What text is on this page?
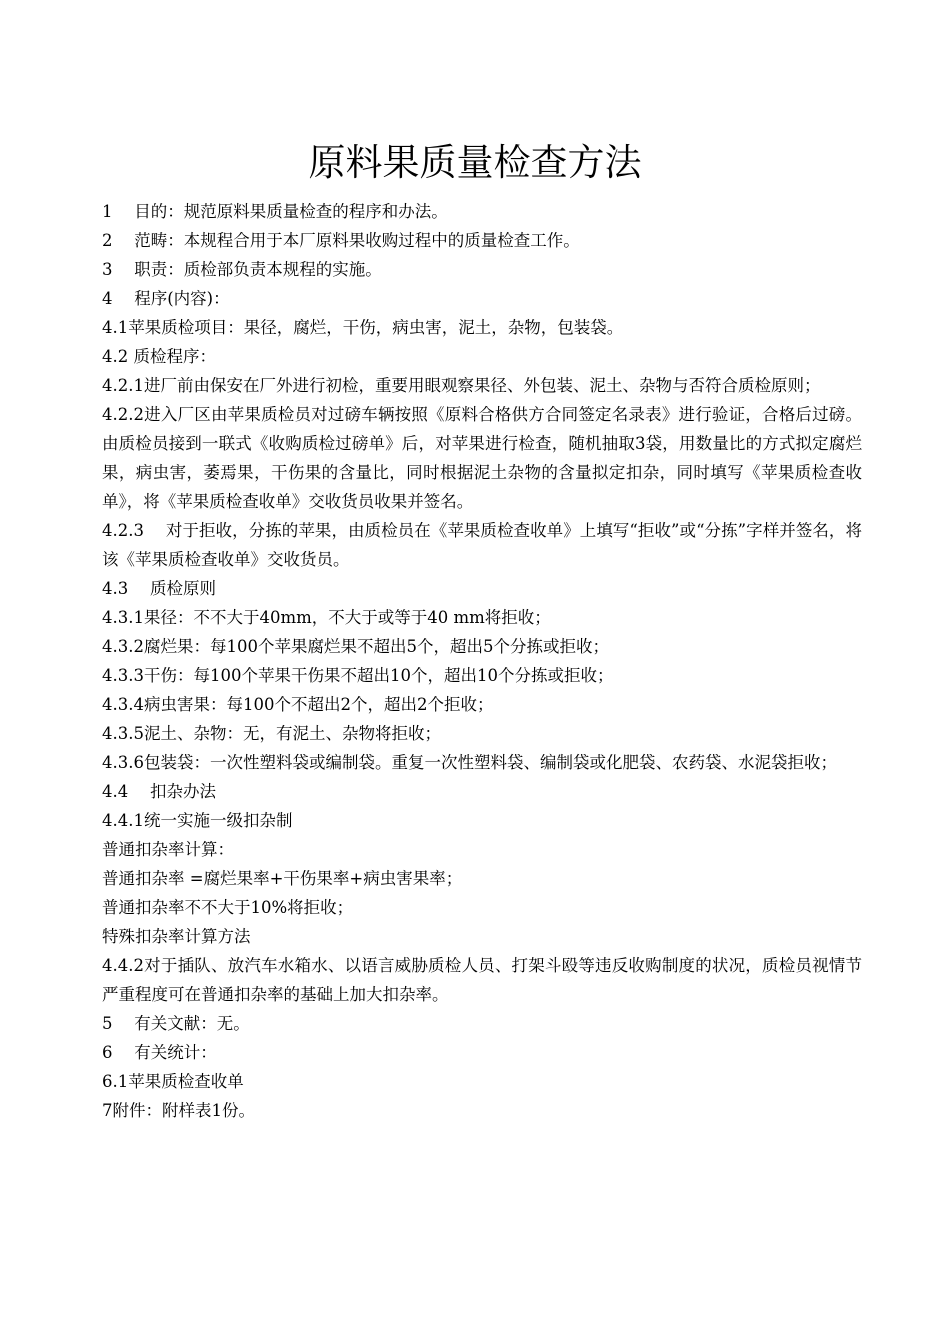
原料果质量检查方法

1　 目的：规范原料果质量检查的程序和办法。

2　 范畴：本规程合用于本厂原料果收购过程中的质量检查工作。

3　 职责：质检部负责本规程的实施。

4　 程序(内容)：

4.1苹果质检项目：果径，腐烂，干伤，病虫害，泥土，杂物，包装袋。

4.2 质检程序：

4.2.1进厂前由保安在厂外进行初检，重要用眼观察果径、外包装、泥土、杂物与否符合质检原则；

4.2.2进入厂区由苹果质检员对过磅车辆按照《原料合格供方合同签定名录表》进行验证，合格后过磅。由质检员接到一联式《收购质检过磅单》后，对苹果进行检查，随机抽取3袋，用数量比的方式拟定腐烂果，病虫害，萎焉果，干伤果的含量比，同时根据泥土杂物的含量拟定扣杂，同时填写《苹果质检查收单》，将《苹果质检查收单》交收货员收果并签名。

4.2.3　 对于拒收，分拣的苹果，由质检员在《苹果质检查收单》上填写“拒收”或“分拣”字样并签名，将该《苹果质检查收单》交收货员。

4.3　 质检原则

4.3.1果径：不不大于40mm，不大于或等于40 mm将拒收；

4.3.2腐烂果：每100个苹果腐烂果不超出5个，超出5个分拣或拒收；

4.3.3干伤：每100个苹果干伤果不超出10个，超出10个分拣或拒收；

4.3.4病虫害果：每100个不超出2个，超出2个拒收；

4.3.5泥土、杂物：无，有泥土、杂物将拒收；

4.3.6包装袋：一次性塑料袋或编制袋。重复一次性塑料袋、编制袋或化肥袋、农药袋、水泥袋拒收；

4.4　 扣杂办法

4.4.1统一实施一级扣杂制

普通扣杂率计算：

普通扣杂率 =腐烂果率+干伤果率+病虫害果率；

普通扣杂率不不大于10%将拒收；

特殊扣杂率计算方法

4.4.2对于插队、放汽车水箱水、以语言威胁质检人员、打架斗殴等违反收购制度的状况，质检员视情节严重程度可在普通扣杂率的基础上加大扣杂率。

5　 有关文献：无。

6　 有关统计：

6.1苹果质检查收单

7附件：附样表1份。
